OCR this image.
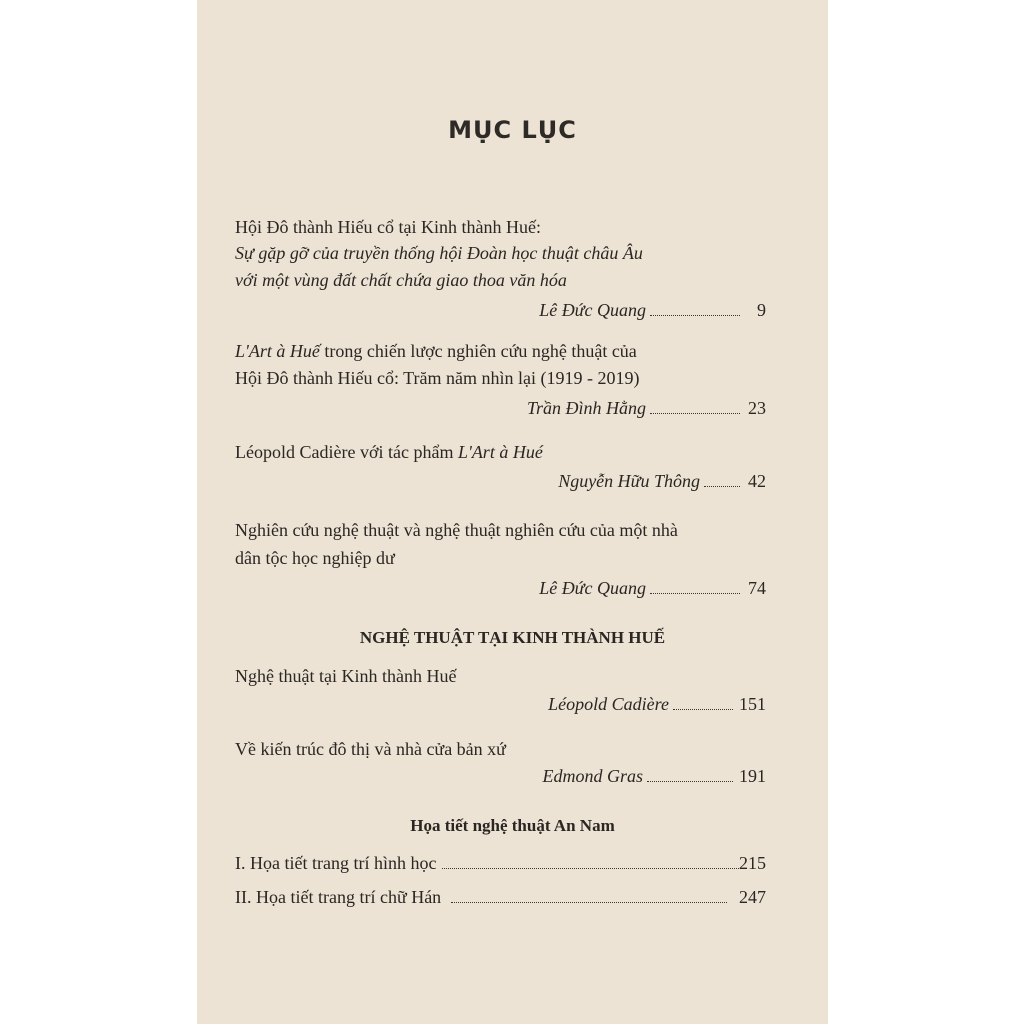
MỤC LỤC
Hội Đô thành Hiếu cổ tại Kinh thành Huế:
Sự gặp gỡ của truyền thống hội Đoàn học thuật châu Âu
với một vùng đất chất chứa giao thoa văn hóa
Lê Đức Quang	9
L'Art à Huế trong chiến lược nghiên cứu nghệ thuật của
Hội Đô thành Hiếu cổ: Trăm năm nhìn lại (1919 - 2019)
Trần Đình Hằng	23
Léopold Cadière với tác phẩm L'Art à Hué
Nguyễn Hữu Thông	42
Nghiên cứu nghệ thuật và nghệ thuật nghiên cứu của một nhà
dân tộc học nghiệp dư
Lê Đức Quang	74
NGHỆ THUẬT TẠI KINH THÀNH HUẾ
Nghệ thuật tại Kinh thành Huế
Léopold Cadière	151
Về kiến trúc đô thị và nhà cửa bản xứ
Edmond Gras	191
Họa tiết nghệ thuật An Nam
I. Họa tiết trang trí hình học	215
II. Họa tiết trang trí chữ Hán	247
